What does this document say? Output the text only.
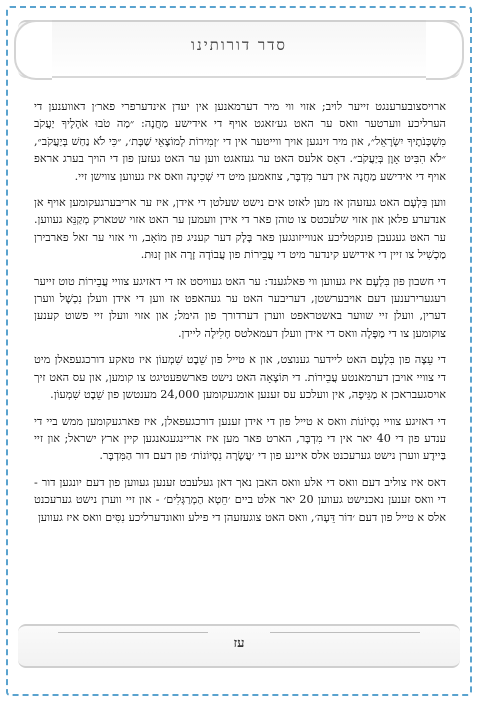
סדר דורותינו

ארויסצובערענגט זייער לויב; אזוי ווי מיר דערמאנען אין יעדן אינדערפרי פאר׳ן דאווענען די הערליכע ווערטער וואס ער האט גע׳זאגט אויף די אידישע מַחֲנָה: ״מַה טֹבוּ אֹהָלֶיךָ יַעֲקֹב מִשְׁכְּנֹתֶיךָ יִשְׂרָאֵל״, און מיר זינגען אויך ווייטער אין די ׳זְמִירוֹת לְמוֹצָאֵי שַׁבָּת׳, ״כִּי לֹא נַחַשׁ בְּיַעֲקֹב״, ״לֹא הִבִּיט אָוֶן בְּיַעֲקֹב״. דאָס אלעס האט ער געזאגט ווען ער האט געזען פון די הויך בערג אראפ אויף די אידישע מַחֲנָה אין דער מִדְבָּר, צוזאמען מיט די שְׁכִינָה וואס איז געווען צווישן זיי.

ווען בִּלְעָם האט געזעהן אז מען לאזט אים נישט שעלטן די אידן, איז ער אריבערגעקומען אויף אן אנדערע פלאן און אזוי שלעכטס צו טוהן פאר די אידן וועמען ער האט אזוי שטארק מְקַנֵּא געווען. ער האט געגעבן פונקטליכע אנווייזונגען פאר בָּלָק דער קעניג פון מוֹאָב, ווי אזוי ער זאל פארבירן מַכְשִׁיל צו זיין די אידישע קינדער מיט די עֲבֵירוֹת פון עֲבוֹדָה זָרָה און זְנוּת.

די חשבון פון בִּלְעָם איז געווען ווי פאלגענד: ער האט געוויסט אז די דאזיגע צוויי עֲבֵירוֹת טוט זייער רעגערירענען דעם אויבערשטן, דעריבער האט ער געהאפט אז ווען די אידן וועלן נִכְשָׁל ווערן דערין, וועלן זיי שווער באשטראפט ווערן דערדורך פון הימל; און אזוי וועלן זיי פשוט קענען צוקומען צו די מַפָּלָה וואס די אידן וועלן דעמאלטס חָלִילָה ליידן.

די עֵצָה פון בִּלְעָם האט ליידער גענוצט, און א טייל פון שֵׁבֶט שִׁמְעוֹן איז טאקע דורכגעפאלן מיט די צוויי אויבן דערמאנטע עֲבֵירוֹת. די תּוֹצָאָה האט נישט פארשפעטיגט צו קומען, און עס האט זיך אויסגעבראכן א מַגֵּיפָה, אין וועלכע עס זענען אומגעקומען 24,000 מענטשן פון שֵׁבֶט שִׁמְעוֹן.

די דאזיגע צוויי נִסְיוֹנוֹת וואס א טייל פון די אידן זענען דורכגעפאלן, איז פארגעקומען ממש ביי די ענדע פון די 40 יאר אין די מִדְבָּר, הארט פאר מען איז אריינגעגאנגען קיין ארץ ישראל; און זיי בַּיידֶע ווערן נישט גערעכנט אלס איינע פון די ׳עֲשָׂרָה נִסְיוֹנוֹת׳ פון דעם דור הַמִּדְבָּר.

דאס איז צוליב דעם וואס די אלע וואס האבן נאך דאן געלעבט זענען געווען פון דעם יונגען דור - די וואס זענען נאכנישט געווען 20 יאר אלט ביים ׳חֵטְא הַמְרַגְּלִים׳ - און זיי ווערן נישט גערעכנט אלס א טייל פון דעם ׳דוֹר דֵּעָה׳, וואס האט צוגעזעהן די פילע וואונדערליכע נִסִּים וואס איז געווען

עז
